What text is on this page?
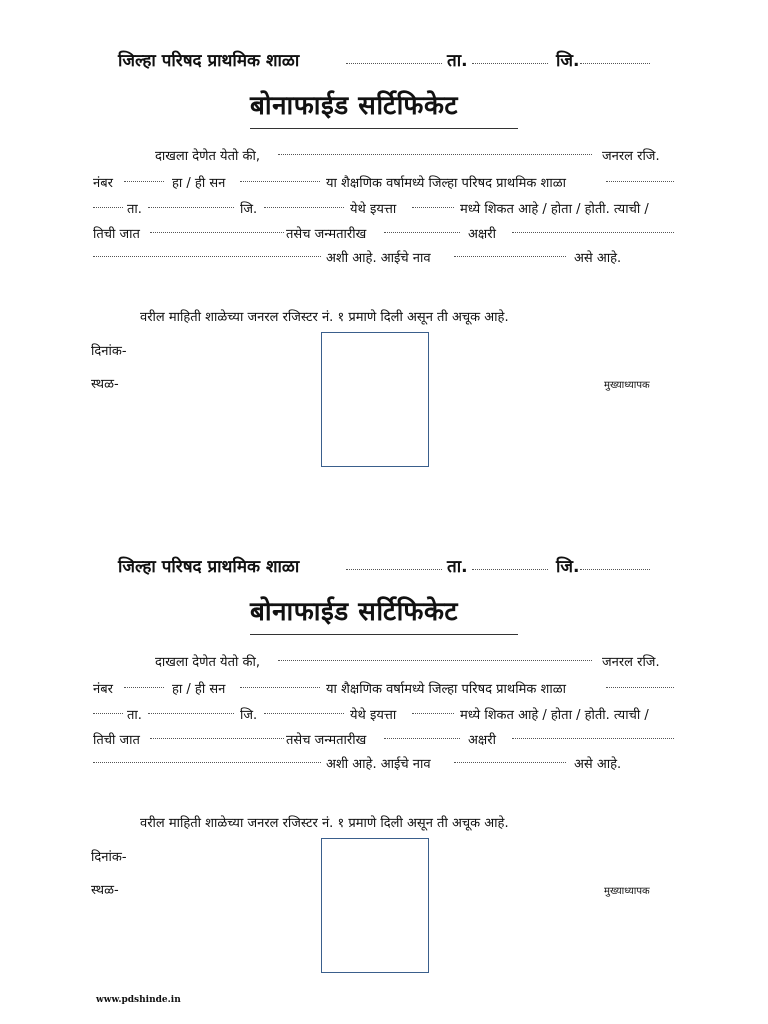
जिल्हा परिषद प्राथमिक शाळा	ता.	जि.
बोनाफाईड सर्टिफिकेट
दाखला देणेत येतो की,	जनरल रजि.
नंबर	हा / ही सन	या शैक्षणिक वर्षामध्ये जिल्हा परिषद प्राथमिक शाळा
ता.	जि.	येथे इयत्ता	मध्ये शिकत आहे / होता / होती. त्याची /
तिची जात	तसेच जन्मतारीख	अक्षरी
अशी आहे. आईचे नाव	असे आहे.
वरील माहिती शाळेच्या जनरल रजिस्टर नं. १ प्रमाणे दिली असून ती अचूक आहे.
दिनांक-
स्थळ-	मुख्याध्यापक
जिल्हा परिषद प्राथमिक शाळा	ता.	जि.
बोनाफाईड सर्टिफिकेट
दाखला देणेत येतो की,	जनरल रजि.
नंबर	हा / ही सन	या शैक्षणिक वर्षामध्ये जिल्हा परिषद प्राथमिक शाळा
ता.	जि.	येथे इयत्ता	मध्ये शिकत आहे / होता / होती. त्याची /
तिची जात	तसेच जन्मतारीख	अक्षरी
अशी आहे. आईचे नाव	असे आहे.
वरील माहिती शाळेच्या जनरल रजिस्टर नं. १ प्रमाणे दिली असून ती अचूक आहे.
दिनांक-
स्थळ-	मुख्याध्यापक
www.pdshinde.in
